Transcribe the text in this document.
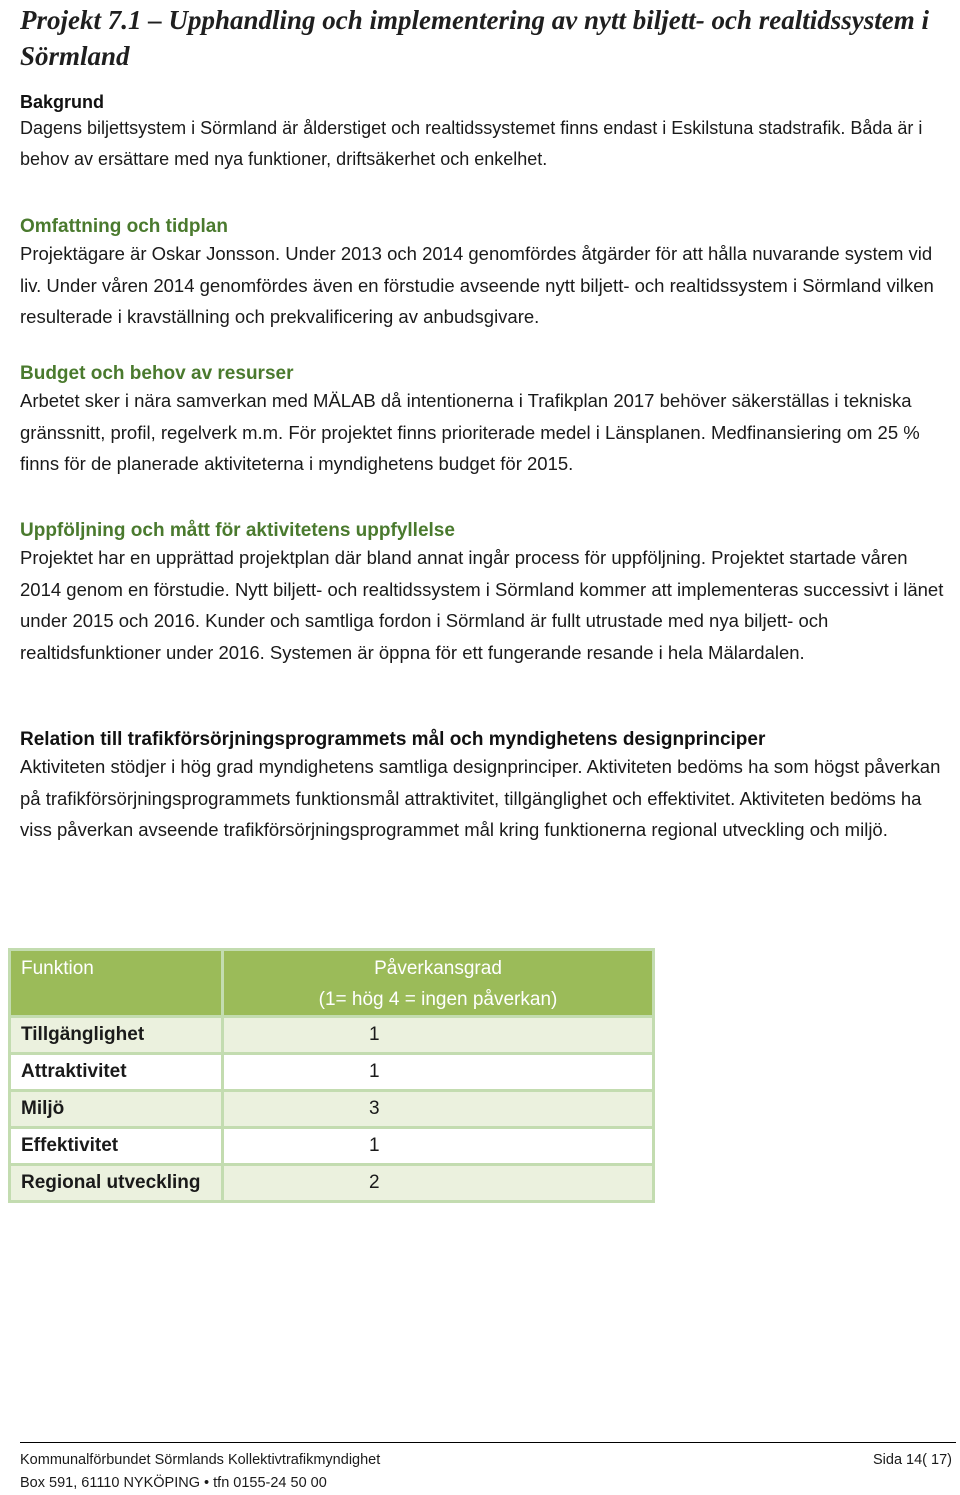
Projekt 7.1 – Upphandling och implementering av nytt biljett- och realtidssystem i Sörmland

Bakgrund

Dagens biljettsystem i Sörmland är ålderstiget och realtidssystemet finns endast i Eskilstuna stadstrafik. Båda är i behov av ersättare med nya funktioner, driftsäkerhet och enkelhet.

Omfattning och tidplan

Projektägare är Oskar Jonsson. Under 2013 och 2014 genomfördes åtgärder för att hålla nuvarande system vid liv. Under våren 2014 genomfördes även en förstudie avseende nytt biljett- och realtidssystem i Sörmland vilken resulterade i kravställning och prekvalificering av anbudsgivare.

Budget och behov av resurser

Arbetet sker i nära samverkan med MÄLAB då intentionerna i Trafikplan 2017 behöver säkerställas i tekniska gränssnitt, profil, regelverk m.m. För projektet finns prioriterade medel i Länsplanen. Medfinansiering om 25 % finns för de planerade aktiviteterna i myndighetens budget för 2015.

Uppföljning och mått för aktivitetens uppfyllelse

Projektet har en upprättad projektplan där bland annat ingår process för uppföljning. Projektet startade våren 2014 genom en förstudie. Nytt biljett- och realtidssystem i Sörmland kommer att implementeras successivt i länet under 2015 och 2016. Kunder och samtliga fordon i Sörmland är fullt utrustade med nya biljett- och realtidsfunktioner under 2016. Systemen är öppna för ett fungerande resande i hela Mälardalen.

Relation till trafikförsörjningsprogrammets mål och myndighetens designprinciper

Aktiviteten stödjer i hög grad myndighetens samtliga designprinciper. Aktiviteten bedöms ha som högst påverkan på trafikförsörjningsprogrammets funktionsmål attraktivitet, tillgänglighet och effektivitet. Aktiviteten bedöms ha viss påverkan avseende trafikförsörjningsprogrammet mål kring funktionerna regional utveckling och miljö.

Funktion	Påverkansgrad
(1= hög 4 = ingen påverkan)

Tillgänglighet	1
Attraktivitet	1
Miljö	3
Effektivitet	1
Regional utveckling	2
Kommunalförbundet Sörmlands Kollektivtrafikmyndighet
Box 591, 61110 NYKÖPING • tfn 0155-24 50 00
Sida 14( 17)
